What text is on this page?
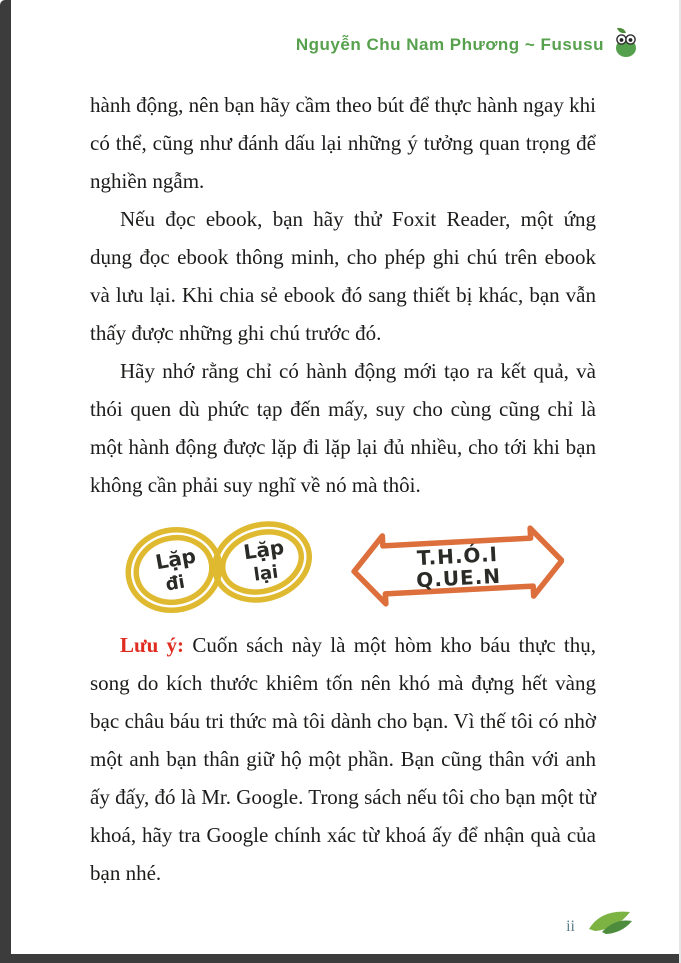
Nguyễn Chu Nam Phương ~ Fususu

hành động, nên bạn hãy cầm theo bút để thực hành ngay khi có thể, cũng như đánh dấu lại những ý tưởng quan trọng để nghiền ngẫm.

Nếu đọc ebook, bạn hãy thử Foxit Reader, một ứng dụng đọc ebook thông minh, cho phép ghi chú trên ebook và lưu lại. Khi chia sẻ ebook đó sang thiết bị khác, bạn vẫn thấy được những ghi chú trước đó.

Hãy nhớ rằng chỉ có hành động mới tạo ra kết quả, và thói quen dù phức tạp đến mấy, suy cho cùng cũng chỉ là một hành động được lặp đi lặp lại đủ nhiều, cho tới khi bạn không cần phải suy nghĩ về nó mà thôi.

Lặp
đi
Lặp
lại
T.H.Ó.I
Q.UE.N

Lưu ý: Cuốn sách này là một hòm kho báu thực thụ, song do kích thước khiêm tốn nên khó mà đựng hết vàng bạc châu báu tri thức mà tôi dành cho bạn. Vì thế tôi có nhờ một anh bạn thân giữ hộ một phần. Bạn cũng thân với anh ấy đấy, đó là Mr. Google. Trong sách nếu tôi cho bạn một từ khoá, hãy tra Google chính xác từ khoá ấy để nhận quà của bạn nhé.

ii
